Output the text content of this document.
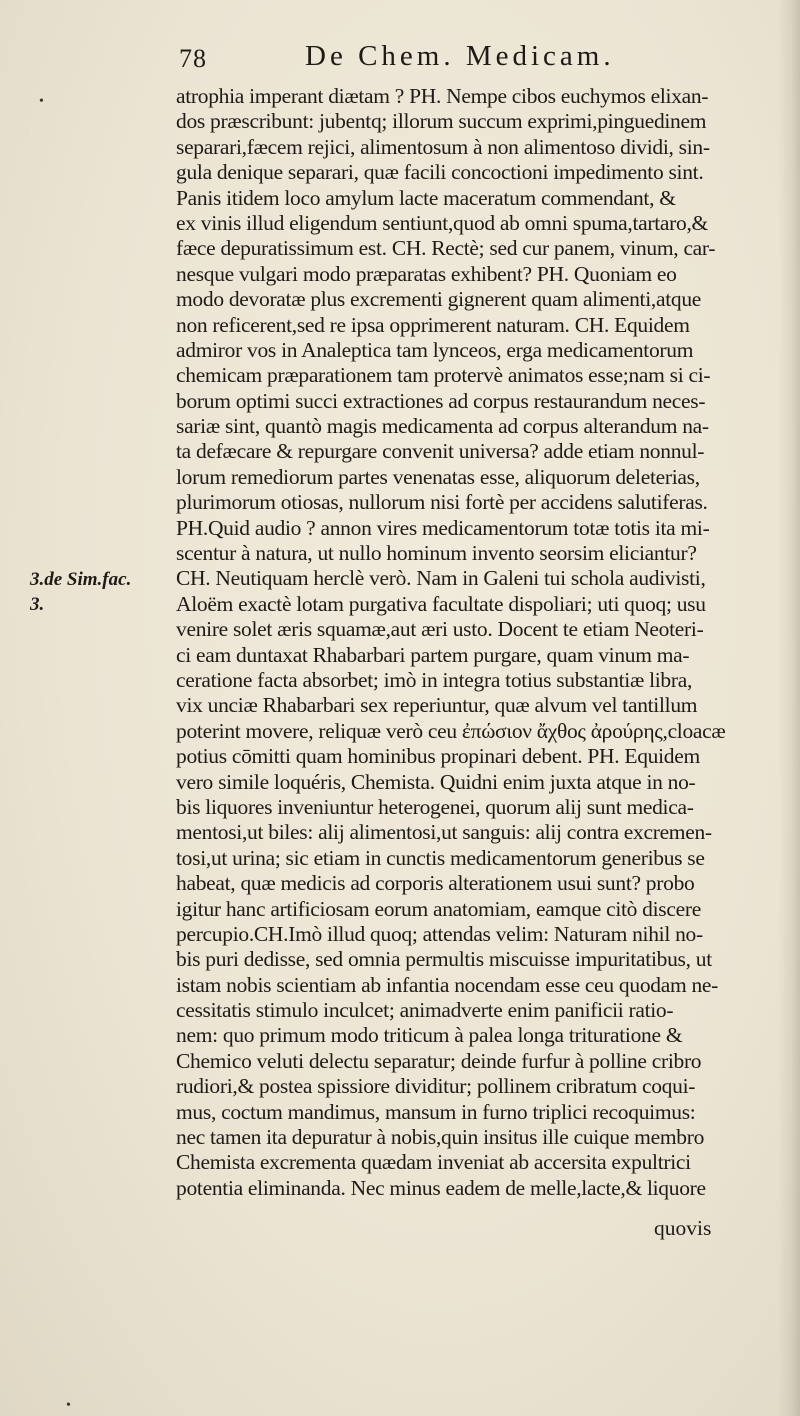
78	De Chem. Medicam.
3.de Sim.fac.
3.
atrophia imperant diætam ? PH. Nempe cibos euchymos elixan-
dos præscribunt: jubentq; illorum succum exprimi,pinguedinem
separari,fæcem rejici, alimentosum à non alimentoso dividi, sin-
gula denique separari, quæ facili concoctioni impedimento sint.
Panis itidem loco amylum lacte maceratum commendant, &
ex vinis illud eligendum sentiunt,quod ab omni spuma,tartaro,&
fæce depuratissimum est. CH. Rectè; sed cur panem, vinum, car-
nesque vulgari modo præparatas exhibent? PH. Quoniam eo
modo devoratæ plus excrementi gignerent quam alimenti,atque
non reficerent,sed re ipsa opprimerent naturam. CH. Equidem
admiror vos in Analeptica tam lynceos, erga medicamentorum
chemicam præparationem tam protervè animatos esse;nam si ci-
borum optimi succi extractiones ad corpus restaurandum neces-
sariæ sint, quantò magis medicamenta ad corpus alterandum na-
ta defæcare & repurgare convenit universa? adde etiam nonnul-
lorum remediorum partes venenatas esse, aliquorum deleterias,
plurimorum otiosas, nullorum nisi fortè per accidens salutiferas.
PH.Quid audio ? annon vires medicamentorum totæ totis ita mi-
scentur à natura, ut nullo hominum invento seorsim eliciantur?
CH. Neutiquam herclè verò. Nam in Galeni tui schola audivisti,
Aloëm exactè lotam purgativa facultate dispoliari; uti quoq; usu
venire solet æris squamæ,aut æri usto. Docent te etiam Neoteri-
ci eam duntaxat Rhabarbari partem purgare, quam vinum ma-
ceratione facta absorbet; imò in integra totius substantiæ libra,
vix unciæ Rhabarbari sex reperiuntur, quæ alvum vel tantillum
poterint movere, reliquæ verò ceu ἐπώσιον ἄχθος ἀρούρης,cloacæ
potius cōmitti quam hominibus propinari debent. PH. Equidem
vero simile loquéris, Chemista. Quidni enim juxta atque in no-
bis liquores inveniuntur heterogenei, quorum alij sunt medica-
mentosi,ut biles: alij alimentosi,ut sanguis: alij contra excremen-
tosi,ut urina; sic etiam in cunctis medicamentorum generibus se
habeat, quæ medicis ad corporis alterationem usui sunt? probo
igitur hanc artificiosam eorum anatomiam, eamque citò discere
percupio.CH.Imò illud quoq; attendas velim: Naturam nihil no-
bis puri dedisse, sed omnia permultis miscuisse impuritatibus, ut
istam nobis scientiam ab infantia nocendam esse ceu quodam ne-
cessitatis stimulo inculcet; animadverte enim panificii ratio-
nem: quo primum modo triticum à palea longa trituratione &
Chemico veluti delectu separatur; deinde furfur à polline cribro
rudiori,& postea spissiore dividitur; pollinem cribratum coqui-
mus, coctum mandimus, mansum in furno triplici recoquimus:
nec tamen ita depuratur à nobis,quin insitus ille cuique membro
Chemista excrementa quædam inveniat ab accersita expultrici
potentia eliminanda. Nec minus eadem de melle,lacte,& liquore
quovis
•
•
